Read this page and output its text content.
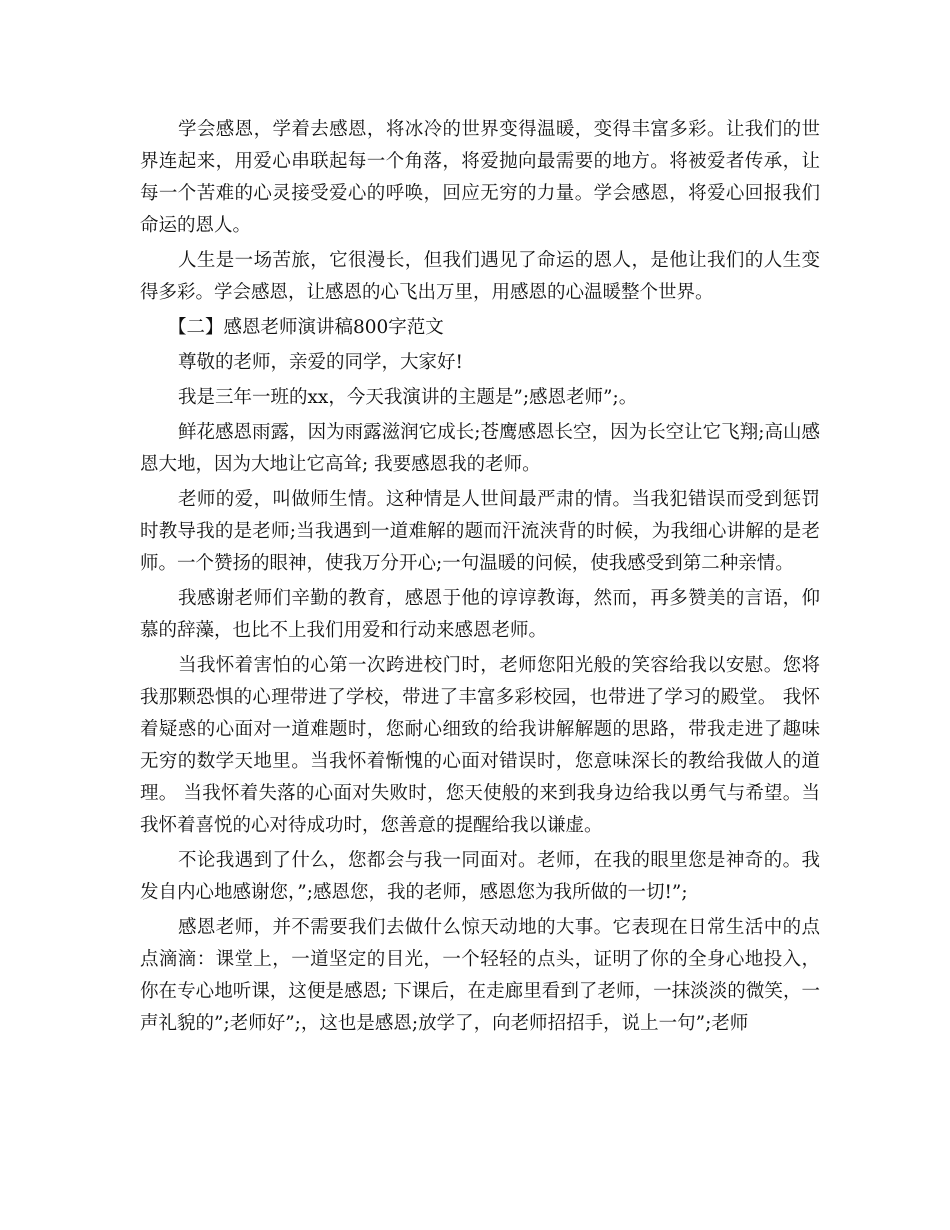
学会感恩，学着去感恩，将冰冷的世界变得温暖，变得丰富多彩。让我们的世界连起来，用爱心串联起每一个角落，将爱抛向最需要的地方。将被爱者传承，让每一个苦难的心灵接受爱心的呼唤，回应无穷的力量。学会感恩，将爱心回报我们命运的恩人。

人生是一场苦旅，它很漫长，但我们遇见了命运的恩人，是他让我们的人生变得多彩。学会感恩，让感恩的心飞出万里，用感恩的心温暖整个世界。

【二】感恩老师演讲稿800字范文

尊敬的老师，亲爱的同学，大家好!

我是三年一班的xx，今天我演讲的主题是”;感恩老师”;。

鲜花感恩雨露，因为雨露滋润它成长;苍鹰感恩长空，因为长空让它飞翔;高山感恩大地，因为大地让它高耸; 我要感恩我的老师。

老师的爱，叫做师生情。这种情是人世间最严肃的情。当我犯错误而受到惩罚时教导我的是老师;当我遇到一道难解的题而汗流浃背的时候，为我细心讲解的是老师。一个赞扬的眼神，使我万分开心;一句温暖的问候，使我感受到第二种亲情。

我感谢老师们辛勤的教育，感恩于他的谆谆教诲，然而，再多赞美的言语，仰慕的辞藻，也比不上我们用爱和行动来感恩老师。

当我怀着害怕的心第一次跨进校门时，老师您阳光般的笑容给我以安慰。您将我那颗恐惧的心理带进了学校，带进了丰富多彩校园，也带进了学习的殿堂。 我怀着疑惑的心面对一道难题时，您耐心细致的给我讲解解题的思路，带我走进了趣味无穷的数学天地里。当我怀着惭愧的心面对错误时，您意味深长的教给我做人的道理。 当我怀着失落的心面对失败时，您天使般的来到我身边给我以勇气与希望。当我怀着喜悦的心对待成功时，您善意的提醒给我以谦虚。

不论我遇到了什么，您都会与我一同面对。老师，在我的眼里您是神奇的。我发自内心地感谢您，”;感恩您，我的老师，感恩您为我所做的一切!”;

感恩老师，并不需要我们去做什么惊天动地的大事。它表现在日常生活中的点点滴滴：课堂上，一道坚定的目光，一个轻轻的点头，证明了你的全身心地投入，你在专心地听课，这便是感恩; 下课后，在走廊里看到了老师，一抹淡淡的微笑，一声礼貌的”;老师好”;，这也是感恩;放学了，向老师招招手，说上一句”;老师
